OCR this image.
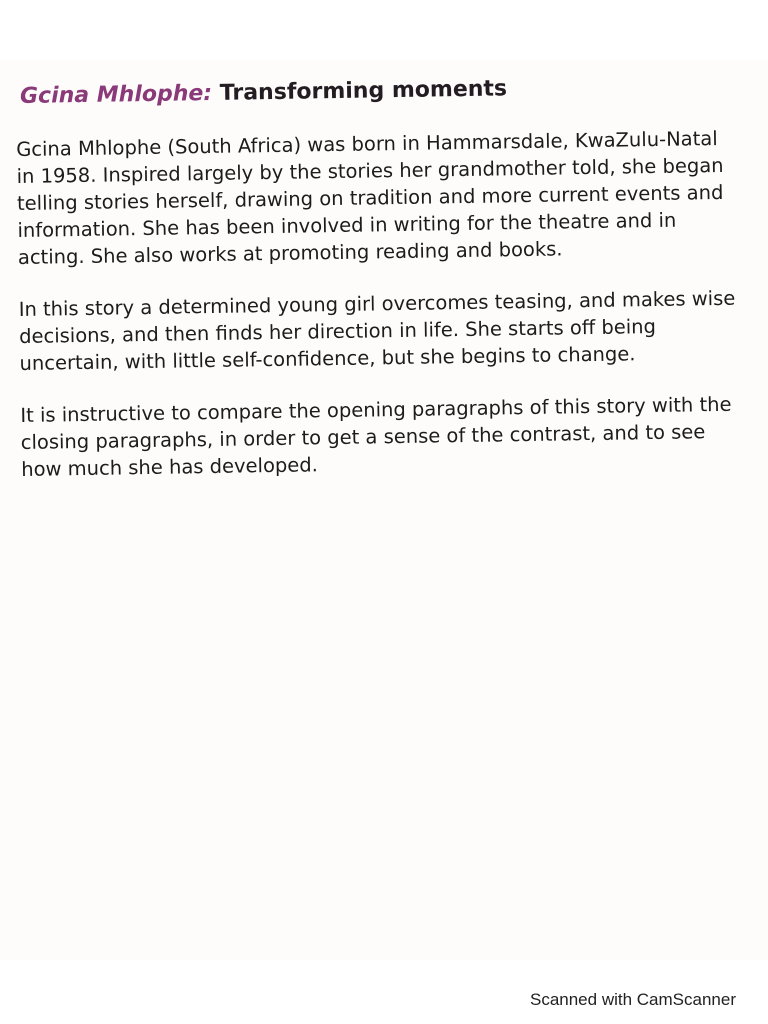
Gcina Mhlophe: Transforming moments

Gcina Mhlophe (South Africa) was born in Hammarsdale, KwaZulu-Natal in 1958. Inspired largely by the stories her grandmother told, she began telling stories herself, drawing on tradition and more current events and information. She has been involved in writing for the theatre and in acting. She also works at promoting reading and books.

In this story a determined young girl overcomes teasing, and makes wise decisions, and then finds her direction in life. She starts off being uncertain, with little self-confidence, but she begins to change.

It is instructive to compare the opening paragraphs of this story with the closing paragraphs, in order to get a sense of the contrast, and to see how much she has developed.

Scanned with CamScanner
